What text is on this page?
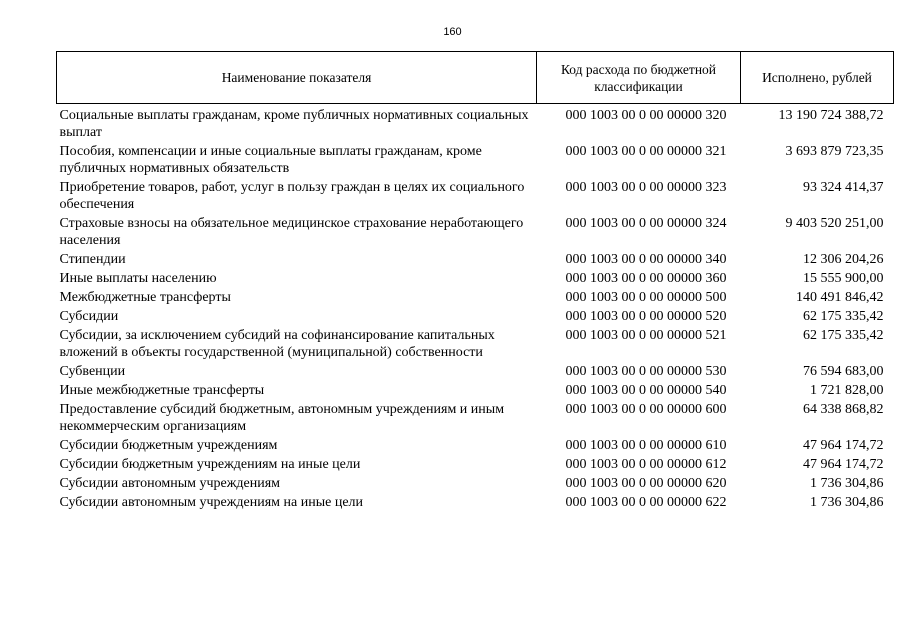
160
Наименование показателя	Код расхода по бюджетной классификации	Исполнено, рублей
Социальные выплаты гражданам, кроме публичных нормативных социальных выплат	000 1003 00 0 00 00000 320	13 190 724 388,72
Пособия, компенсации и иные социальные выплаты гражданам, кроме публичных нормативных обязательств	000 1003 00 0 00 00000 321	3 693 879 723,35
Приобретение товаров, работ, услуг в пользу граждан в целях их социального обеспечения	000 1003 00 0 00 00000 323	93 324 414,37
Страховые взносы на обязательное медицинское страхование неработающего населения	000 1003 00 0 00 00000 324	9 403 520 251,00
Стипендии	000 1003 00 0 00 00000 340	12 306 204,26
Иные выплаты населению	000 1003 00 0 00 00000 360	15 555 900,00
Межбюджетные трансферты	000 1003 00 0 00 00000 500	140 491 846,42
Субсидии	000 1003 00 0 00 00000 520	62 175 335,42
Субсидии, за исключением субсидий на софинансирование капитальных вложений в объекты государственной (муниципальной) собственности	000 1003 00 0 00 00000 521	62 175 335,42
Субвенции	000 1003 00 0 00 00000 530	76 594 683,00
Иные межбюджетные трансферты	000 1003 00 0 00 00000 540	1 721 828,00
Предоставление субсидий бюджетным, автономным учреждениям и иным некоммерческим организациям	000 1003 00 0 00 00000 600	64 338 868,82
Субсидии бюджетным учреждениям	000 1003 00 0 00 00000 610	47 964 174,72
Субсидии бюджетным учреждениям на иные цели	000 1003 00 0 00 00000 612	47 964 174,72
Субсидии автономным учреждениям	000 1003 00 0 00 00000 620	1 736 304,86
Субсидии автономным учреждениям на иные цели	000 1003 00 0 00 00000 622	1 736 304,86
